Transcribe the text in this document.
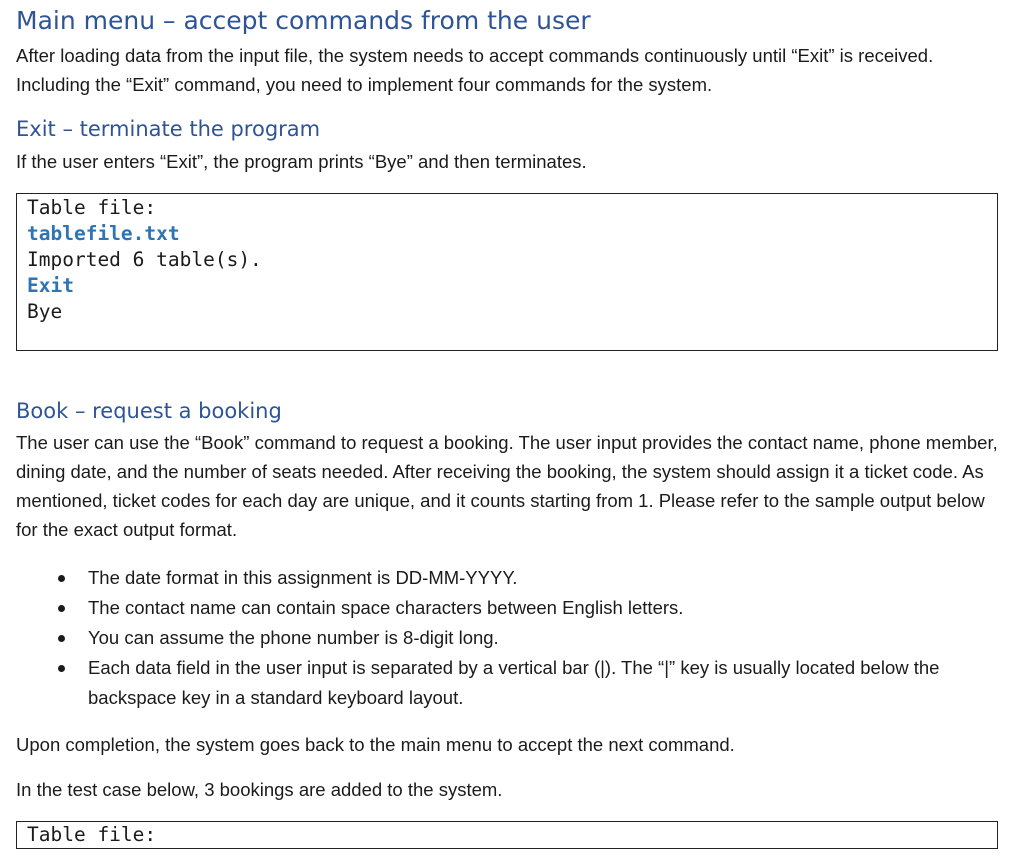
Main menu – accept commands from the user

After loading data from the input file, the system needs to accept commands continuously until “Exit” is received. Including the “Exit” command, you need to implement four commands for the system.

Exit – terminate the program

If the user enters “Exit”, the program prints “Bye” and then terminates.

Table file:
tablefile.txt
Imported 6 table(s).
Exit
Bye
Book – request a booking

The user can use the “Book” command to request a booking. The user input provides the contact name, phone member, dining date, and the number of seats needed. After receiving the booking, the system should assign it a ticket code. As mentioned, ticket codes for each day are unique, and it counts starting from 1. Please refer to the sample output below for the exact output format.

The date format in this assignment is DD-MM-YYYY.
The contact name can contain space characters between English letters.
You can assume the phone number is 8-digit long.
Each data field in the user input is separated by a vertical bar (|). The “|” key is usually located below the backspace key in a standard keyboard layout.

Upon completion, the system goes back to the main menu to accept the next command.

In the test case below, 3 bookings are added to the system.

Table file:
